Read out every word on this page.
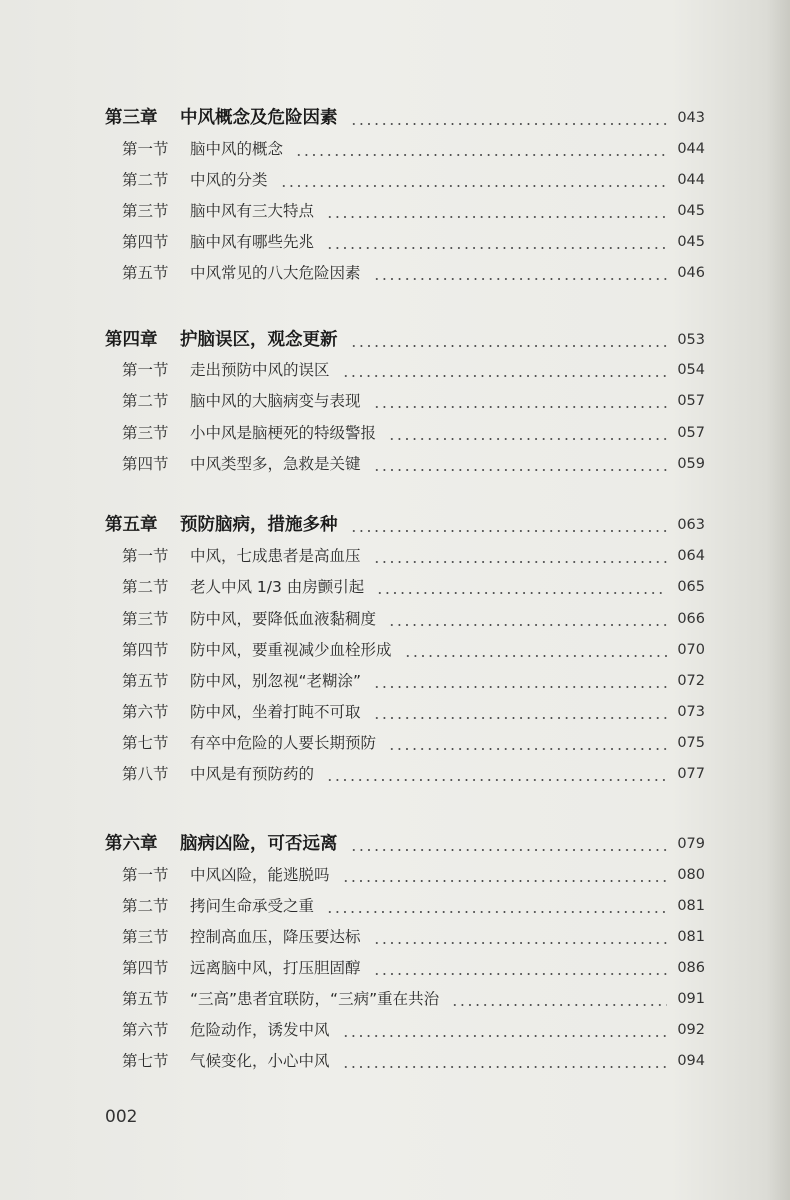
第三章 中风概念及危险因素	043
第一节 脑中风的概念	044
第二节 中风的分类	044
第三节 脑中风有三大特点	045
第四节 脑中风有哪些先兆	045
第五节 中风常见的八大危险因素	046
第四章 护脑误区，观念更新	053
第一节 走出预防中风的误区	054
第二节 脑中风的大脑病变与表现	057
第三节 小中风是脑梗死的特级警报	057
第四节 中风类型多，急救是关键	059
第五章 预防脑病，措施多种	063
第一节 中风，七成患者是高血压	064
第二节 老人中风 1/3 由房颤引起	065
第三节 防中风，要降低血液黏稠度	066
第四节 防中风，要重视减少血栓形成	070
第五节 防中风，别忽视“老糊涂”	072
第六节 防中风，坐着打盹不可取	073
第七节 有卒中危险的人要长期预防	075
第八节 中风是有预防药的	077
第六章 脑病凶险，可否远离	079
第一节 中风凶险，能逃脱吗	080
第二节 拷问生命承受之重	081
第三节 控制高血压，降压要达标	081
第四节 远离脑中风，打压胆固醇	086
第五节 “三高”患者宜联防，“三病”重在共治	091
第六节 危险动作，诱发中风	092
第七节 气候变化，小心中风	094
002
